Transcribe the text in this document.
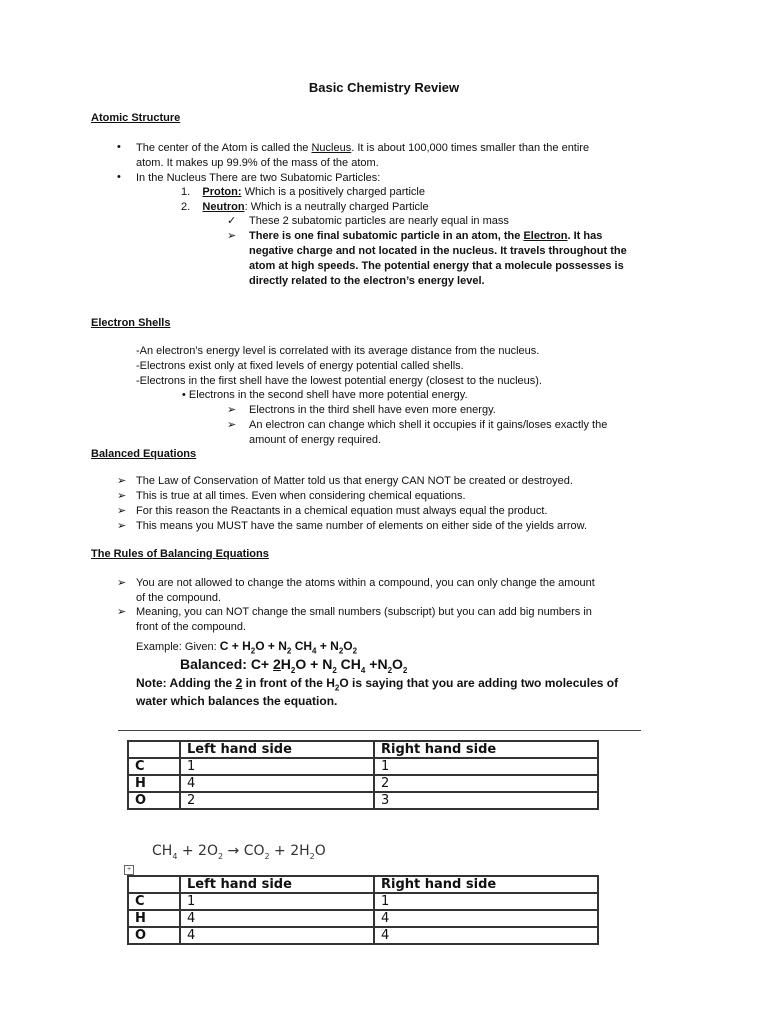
Basic Chemistry Review
Atomic Structure
• The center of the Atom is called the Nucleus. It is about 100,000 times smaller than the entire
atom. It makes up 99.9% of the mass of the atom.
• In the Nucleus There are two Subatomic Particles:
1. Proton: Which is a positively charged particle
2. Neutron: Which is a neutrally charged Particle
✓ These 2 subatomic particles are nearly equal in mass
➢ There is one final subatomic particle in an atom, the Electron. It has
negative charge and not located in the nucleus. It travels throughout the
atom at high speeds. The potential energy that a molecule possesses is
directly related to the electron’s energy level.
Electron Shells
-An electron’s energy level is correlated with its average distance from the nucleus.
-Electrons exist only at fixed levels of energy potential called shells.
-Electrons in the first shell have the lowest potential energy (closest to the nucleus).
• Electrons in the second shell have more potential energy.
➢ Electrons in the third shell have even more energy.
➢ An electron can change which shell it occupies if it gains/loses exactly the
amount of energy required.
Balanced Equations
➢ The Law of Conservation of Matter told us that energy CAN NOT be created or destroyed.
➢ This is true at all times. Even when considering chemical equations.
➢ For this reason the Reactants in a chemical equation must always equal the product.
➢ This means you MUST have the same number of elements on either side of the yields arrow.
The Rules of Balancing Equations
➢ You are not allowed to change the atoms within a compound, you can only change the amount
of the compound.
➢ Meaning, you can NOT change the small numbers (subscript) but you can add big numbers in
front of the compound.
Example: Given: $C + H_2O + N_2$ $CH_4 + N_2O_2$
Balanced: $C+ 2H_2O + N_2$ $CH_4 +N_2O_2$
Note: Adding the 2 in front of the $H_2O$ is saying that you are adding two molecules of
water which balances the equation.
	Left hand side	Right hand side
C	1	1
H	4	2
O	2	3
$CH_4 + 2O_2 \to CO_2 + 2H_2O$
+
	Left hand side	Right hand side
C	1	1
H	4	4
O	4	4
